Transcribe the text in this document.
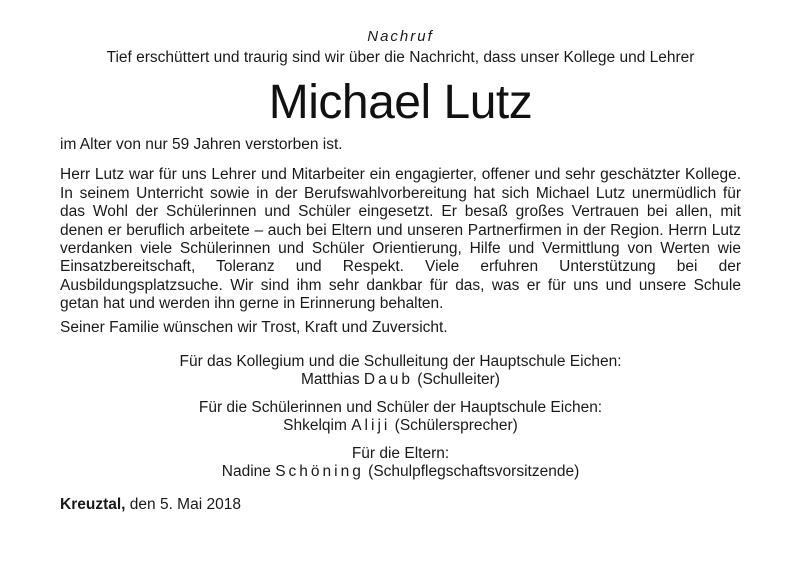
Nachruf
Tief erschüttert und traurig sind wir über die Nachricht, dass unser Kollege und Lehrer
Michael Lutz
im Alter von nur 59 Jahren verstorben ist.
Herr Lutz war für uns Lehrer und Mitarbeiter ein engagierter, offener und sehr geschätzter Kollege. In seinem Unterricht sowie in der Berufswahlvorbereitung hat sich Michael Lutz unermüdlich für das Wohl der Schülerinnen und Schüler eingesetzt. Er besaß großes Vertrauen bei allen, mit denen er beruflich arbeitete – auch bei Eltern und unseren Partnerfirmen in der Region. Herrn Lutz verdanken viele Schülerinnen und Schüler Orientierung, Hilfe und Vermittlung von Werten wie Einsatzbereitschaft, Toleranz und Respekt. Viele erfuhren Unterstützung bei der Ausbildungsplatzsuche. Wir sind ihm sehr dankbar für das, was er für uns und unsere Schule getan hat und werden ihn gerne in Erinnerung behalten.
Seiner Familie wünschen wir Trost, Kraft und Zuversicht.
Für das Kollegium und die Schulleitung der Hauptschule Eichen:
Matthias Daub (Schulleiter)
Für die Schülerinnen und Schüler der Hauptschule Eichen:
Shkelqim Aliji (Schülersprecher)
Für die Eltern:
Nadine Schöning (Schulpflegschaftsvorsitzende)
Kreuztal, den 5. Mai 2018
